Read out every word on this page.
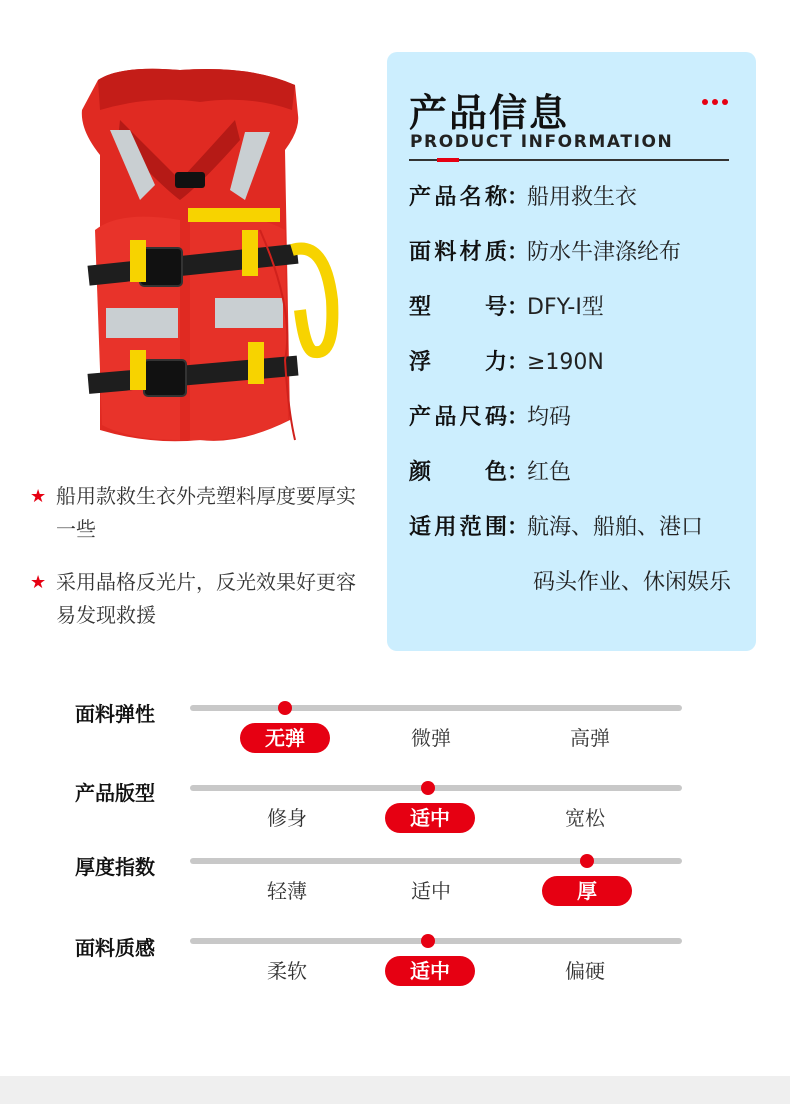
★ 船用款救生衣外壳塑料厚度要厚实一些
★ 采用晶格反光片，反光效果好更容易发现救援
产品信息
PRODUCT INFORMATION
产品名称：船用救生衣
面料材质：防水牛津涤纶布
型号：DFY-I型
浮力：≥190N
产品尺码：均码
颜色：红色
适用范围：航海、船舶、港口
码头作业、休闲娱乐
面料弹性
无弹	微弹	高弹
产品版型
修身	适中	宽松
厚度指数
轻薄	适中	厚
面料质感
柔软	适中	偏硬
